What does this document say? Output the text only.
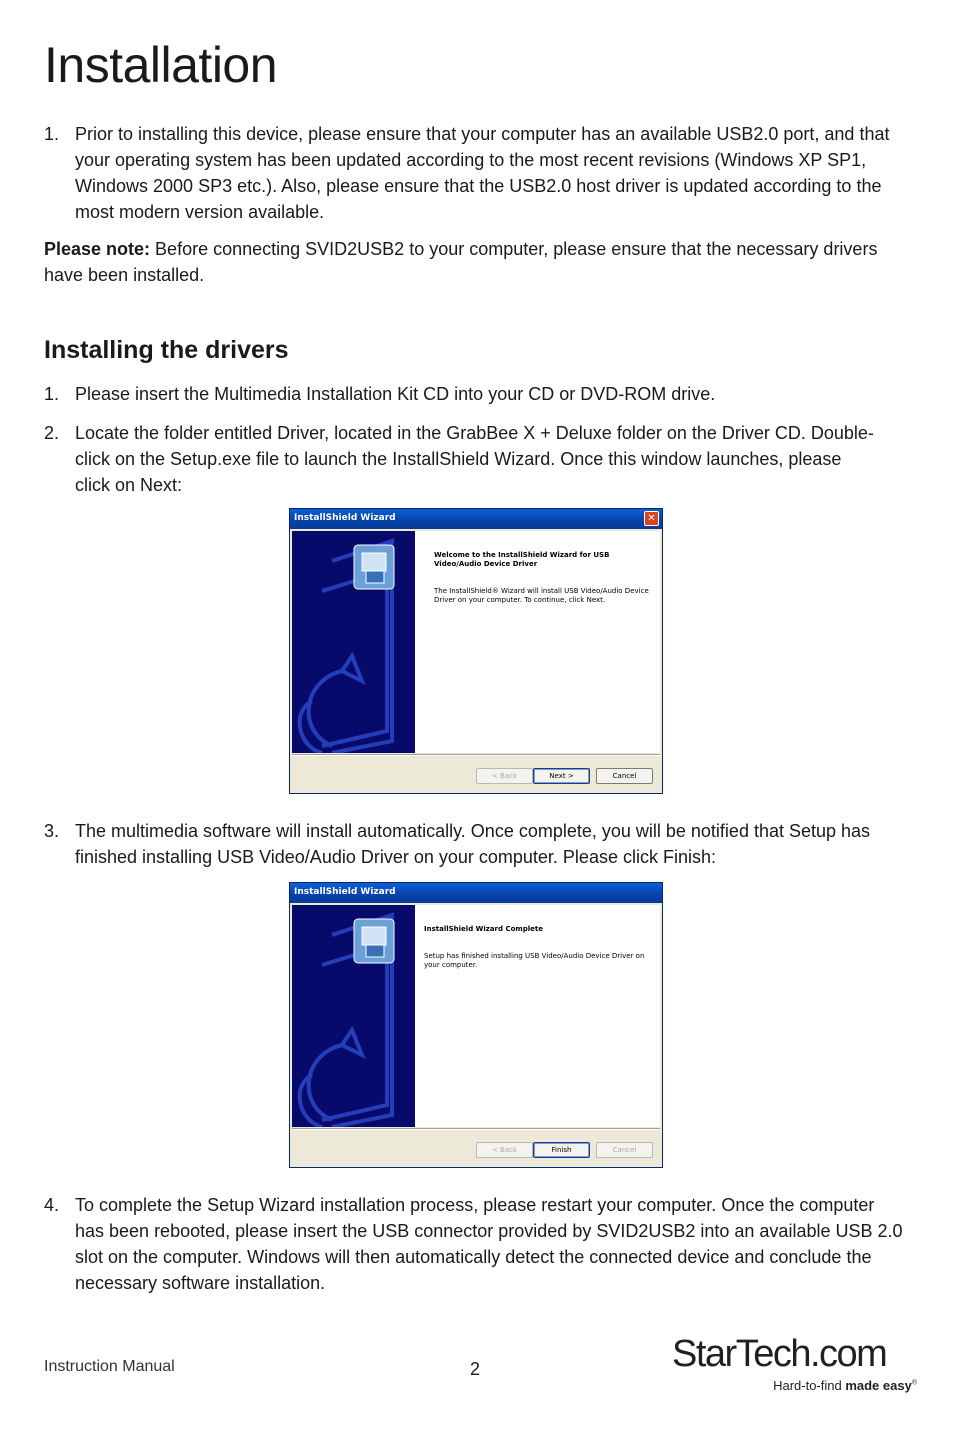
Installation
1. Prior to installing this device, please ensure that your computer has an available USB2.0 port, and that your operating system has been updated according to the most recent revisions (Windows XP SP1, Windows 2000 SP3 etc.). Also, please ensure that the USB2.0 host driver is updated according to the most modern version available.

Please note: Before connecting SVID2USB2 to your computer, please ensure that the necessary drivers have been installed.

Installing the drivers
1. Please insert the Multimedia Installation Kit CD into your CD or DVD-ROM drive.
2. Locate the folder entitled Driver, located in the GrabBee X + Deluxe folder on the Driver CD. Double-click on the Setup.exe file to launch the InstallShield Wizard. Once this window launches, please click on Next:
InstallShield Wizard	✕
Welcome to the InstallShield Wizard for USB Video/Audio Device Driver
The InstallShield® Wizard will install USB Video/Audio Device Driver on your computer. To continue, click Next.
< Back	Next >	Cancel
3. The multimedia software will install automatically. Once complete, you will be notified that Setup has finished installing USB Video/Audio Driver on your computer. Please click Finish:
InstallShield Wizard
InstallShield Wizard Complete
Setup has finished installing USB Video/Audio Device Driver on your computer.
< Back	Finish	Cancel
4. To complete the Setup Wizard installation process, please restart your computer. Once the computer has been rebooted, please insert the USB connector provided by SVID2USB2 into an available USB 2.0 slot on the computer. Windows will then automatically detect the connected device and conclude the necessary software installation.
Instruction Manual	2	StarTech.com
Hard-to-find made easy®
